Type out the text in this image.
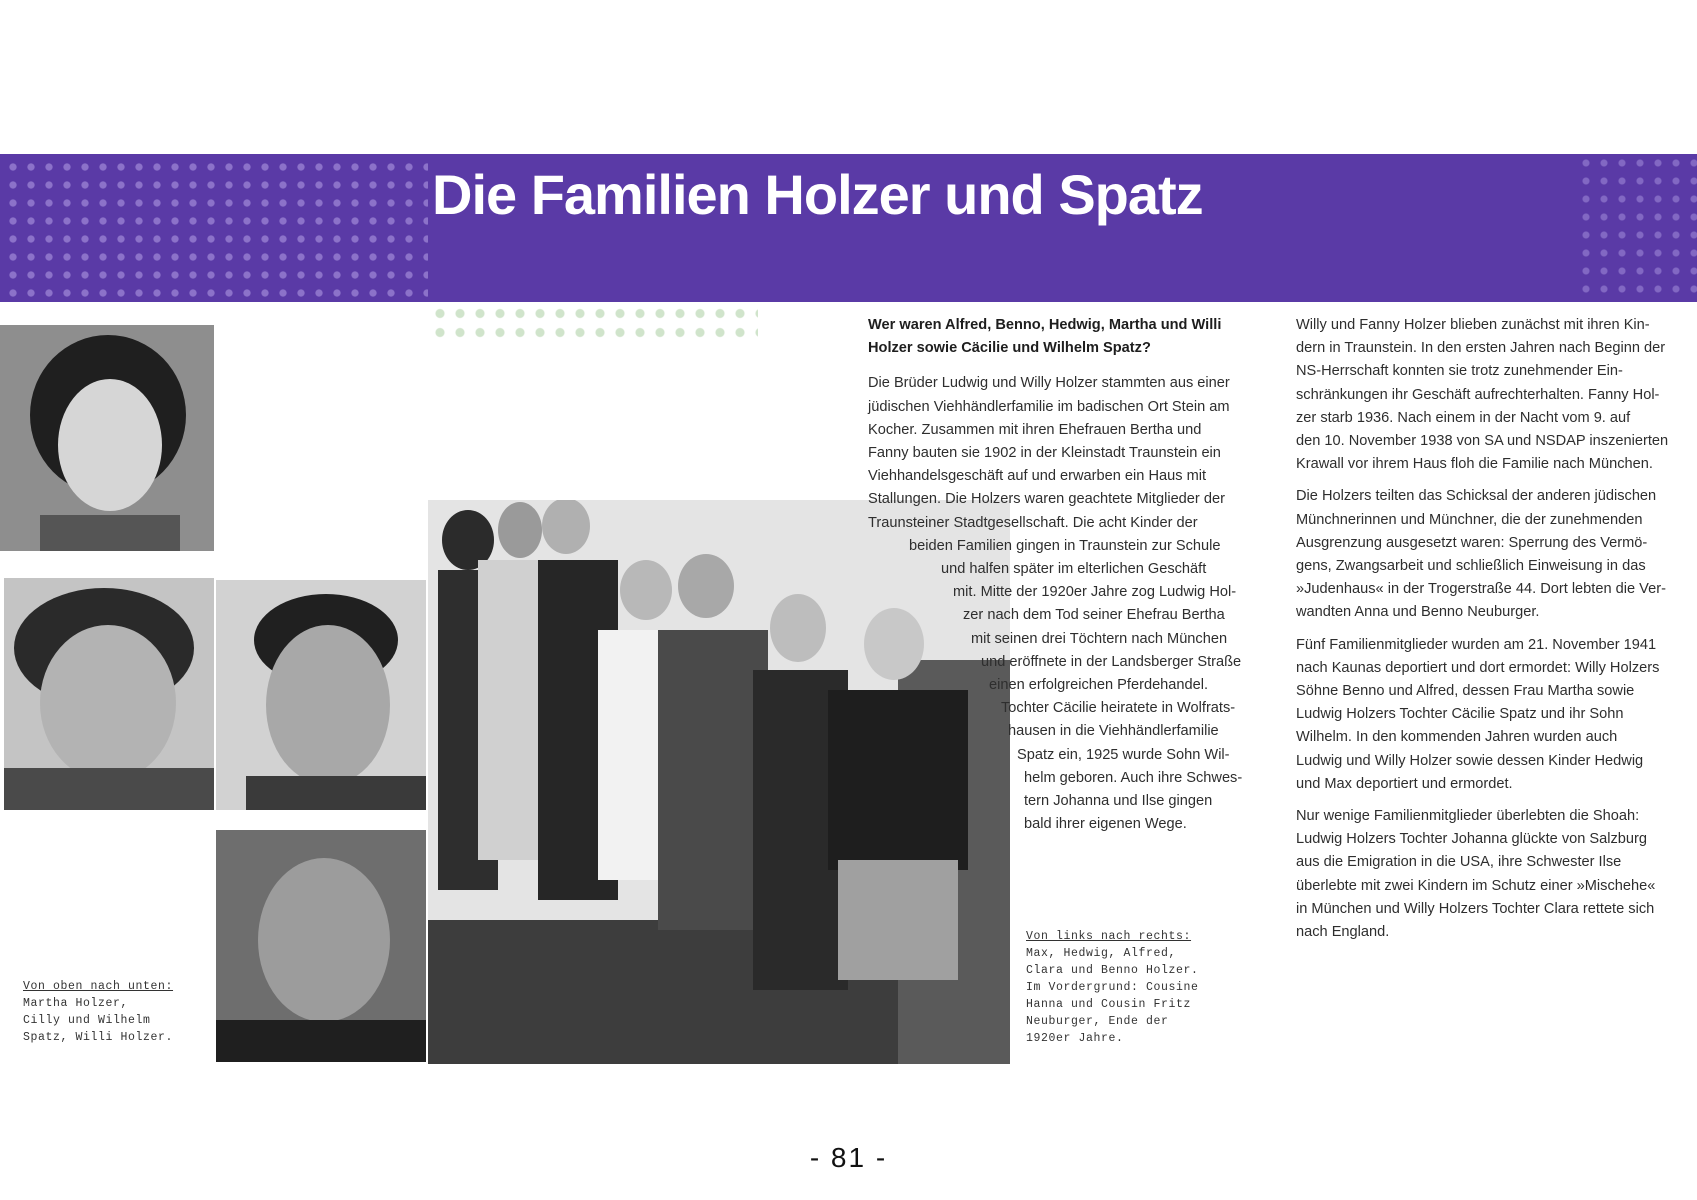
Die Familien Holzer und Spatz
Von oben nach unten:
Martha Holzer,
Cilly und Wilhelm
Spatz, Willi Holzer.
Von links nach rechts:
Max, Hedwig, Alfred,
Clara und Benno Holzer.
Im Vordergrund: Cousine
Hanna und Cousin Fritz
Neuburger, Ende der
1920er Jahre.
Wer waren Alfred, Benno, Hedwig, Martha und Willi
Holzer sowie Cäcilie und Wilhelm Spatz?
Die Brüder Ludwig und Willy Holzer stammten aus einer
jüdischen Viehhändlerfamilie im badischen Ort Stein am
Kocher. Zusammen mit ihren Ehefrauen Bertha und
Fanny bauten sie 1902 in der Kleinstadt Traunstein ein
Viehhandelsgeschäft auf und erwarben ein Haus mit
Stallungen. Die Holzers waren geachtete Mitglieder der
Traunsteiner Stadtgesellschaft. Die acht Kinder der
beiden Familien gingen in Traunstein zur Schule
und halfen später im elterlichen Geschäft
mit. Mitte der 1920er Jahre zog Ludwig Hol-
zer nach dem Tod seiner Ehefrau Bertha
mit seinen drei Töchtern nach München
und eröffnete in der Landsberger Straße
einen erfolgreichen Pferdehandel.
Tochter Cäcilie heiratete in Wolfrats-
hausen in die Viehhändlerfamilie
Spatz ein, 1925 wurde Sohn Wil-
helm geboren. Auch ihre Schwes-
tern Johanna und Ilse gingen
bald ihrer eigenen Wege.
Willy und Fanny Holzer blieben zunächst mit ihren Kin-
dern in Traunstein. In den ersten Jahren nach Beginn der
NS-Herrschaft konnten sie trotz zunehmender Ein-
schränkungen ihr Geschäft aufrechterhalten. Fanny Hol-
zer starb 1936. Nach einem in der Nacht vom 9. auf
den 10. November 1938 von SA und NSDAP inszenierten
Krawall vor ihrem Haus floh die Familie nach München.
Die Holzers teilten das Schicksal der anderen jüdischen
Münchnerinnen und Münchner, die der zunehmenden
Ausgrenzung ausgesetzt waren: Sperrung des Vermö-
gens, Zwangsarbeit und schließlich Einweisung in das
»Judenhaus« in der Trogerstraße 44. Dort lebten die Ver-
wandten Anna und Benno Neuburger.
Fünf Familienmitglieder wurden am 21. November 1941
nach Kaunas deportiert und dort ermordet: Willy Holzers
Söhne Benno und Alfred, dessen Frau Martha sowie
Ludwig Holzers Tochter Cäcilie Spatz und ihr Sohn
Wilhelm. In den kommenden Jahren wurden auch
Ludwig und Willy Holzer sowie dessen Kinder Hedwig
und Max deportiert und ermordet.
Nur wenige Familienmitglieder überlebten die Shoah:
Ludwig Holzers Tochter Johanna glückte von Salzburg
aus die Emigration in die USA, ihre Schwester Ilse
überlebte mit zwei Kindern im Schutz einer »Mischehe«
in München und Willy Holzers Tochter Clara rettete sich
nach England.
- 81 -
